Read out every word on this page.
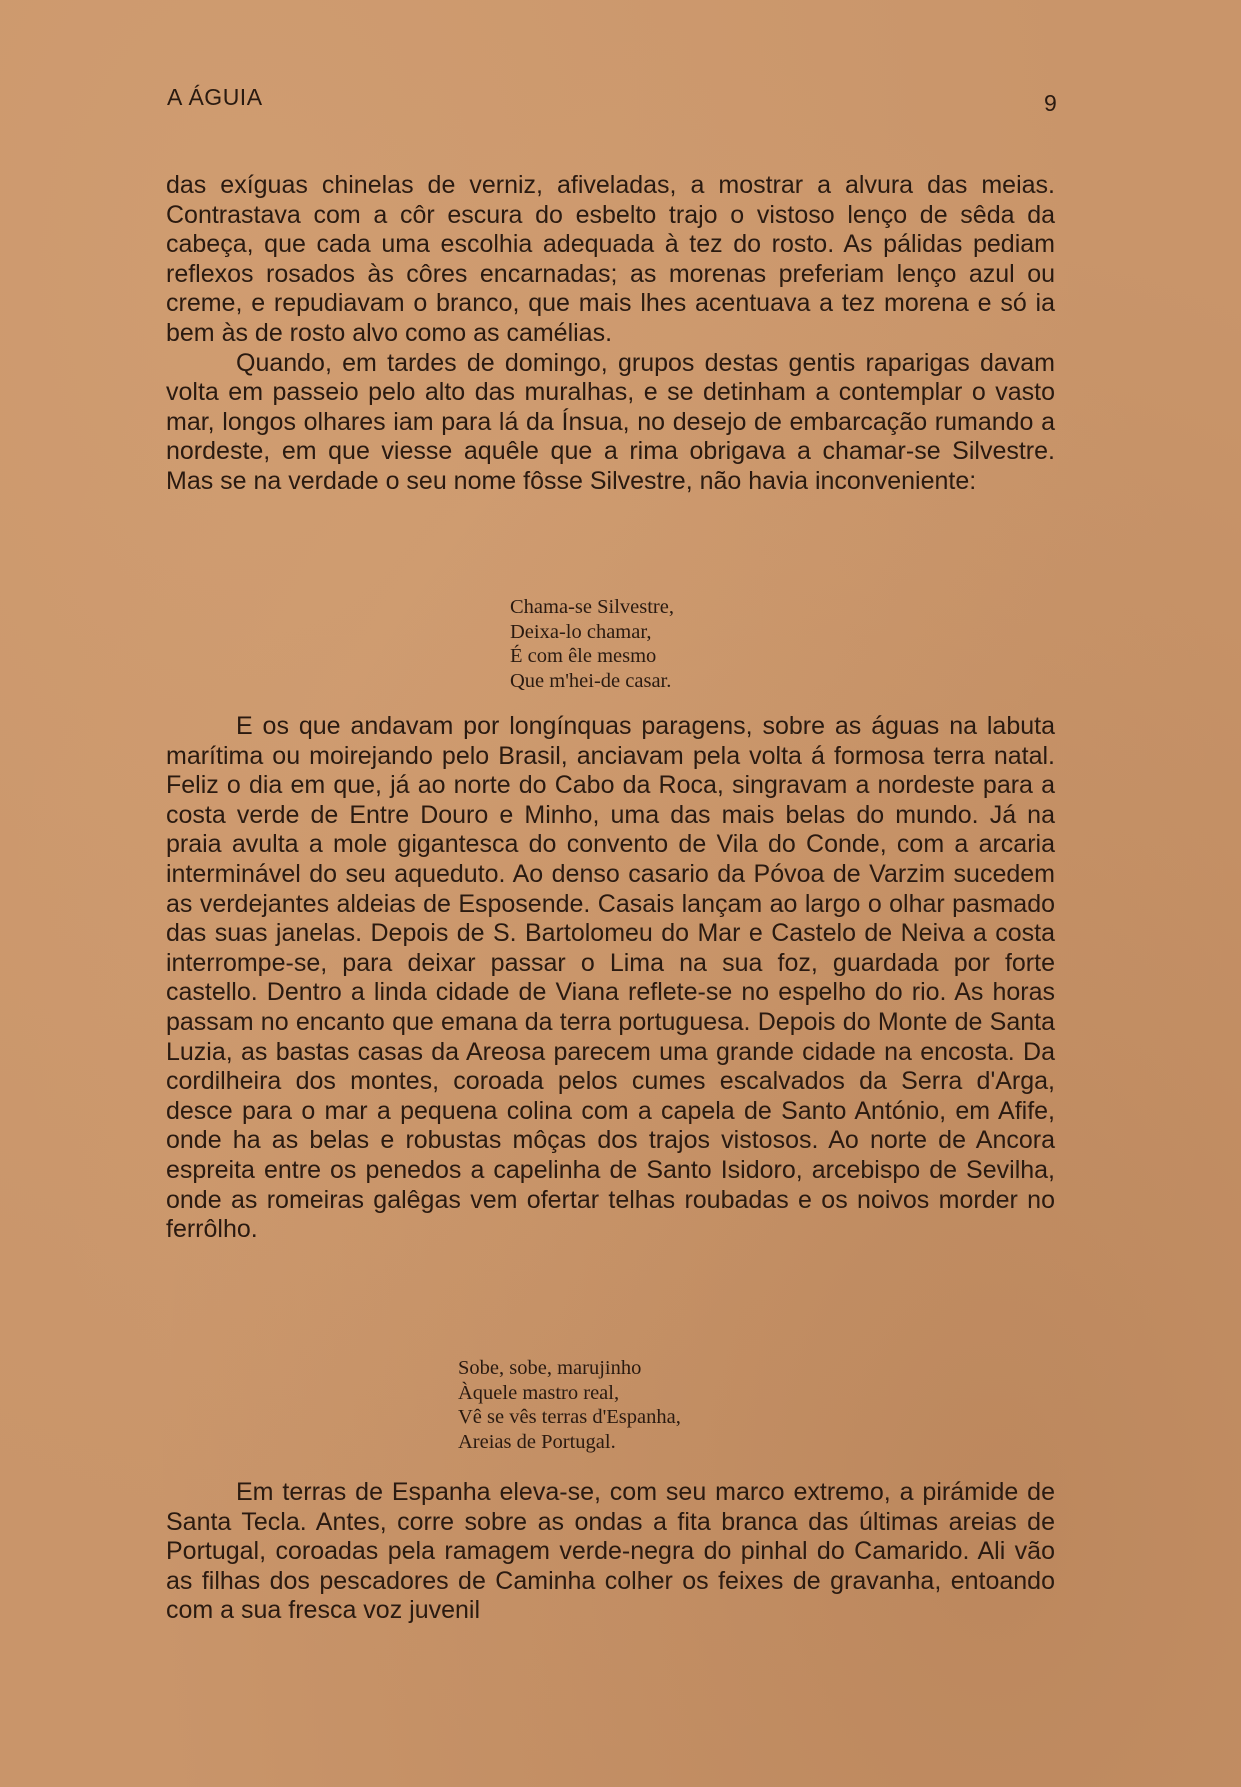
A ÁGUIA	9

das exíguas chinelas de verniz, afiveladas, a mostrar a alvura das meias. Contrastava com a côr escura do esbelto trajo o vistoso lenço de sêda da cabeça, que cada uma escolhia adequada à tez do rosto. As pálidas pediam reflexos rosados às côres encarnadas; as morenas preferiam lenço azul ou creme, e repudiavam o branco, que mais lhes acentuava a tez morena e só ia bem às de rosto alvo como as camélias.

Quando, em tardes de domingo, grupos destas gentis raparigas davam volta em passeio pelo alto das muralhas, e se detinham a contemplar o vasto mar, longos olhares iam para lá da Ínsua, no desejo de embarcação rumando a nordeste, em que viesse aquêle que a rima obrigava a chamar-se Silvestre. Mas se na verdade o seu nome fôsse Silvestre, não havia inconveniente:

Chama-se Silvestre,
Deixa-lo chamar,
É com êle mesmo
Que m'hei-de casar.

E os que andavam por longínquas paragens, sobre as águas na labuta marítima ou moirejando pelo Brasil, anciavam pela volta á formosa terra natal. Feliz o dia em que, já ao norte do Cabo da Roca, singravam a nordeste para a costa verde de Entre Douro e Minho, uma das mais belas do mundo. Já na praia avulta a mole gigantesca do convento de Vila do Conde, com a arcaria interminável do seu aqueduto. Ao denso casario da Póvoa de Varzim sucedem as verdejantes aldeias de Esposende. Casais lançam ao largo o olhar pasmado das suas janelas. Depois de S. Bartolomeu do Mar e Castelo de Neiva a costa interrompe-se, para deixar passar o Lima na sua foz, guardada por forte castello. Dentro a linda cidade de Viana reflete-se no espelho do rio. As horas passam no encanto que emana da terra portuguesa. Depois do Monte de Santa Luzia, as bastas casas da Areosa parecem uma grande cidade na encosta. Da cordilheira dos montes, coroada pelos cumes escalvados da Serra d'Arga, desce para o mar a pequena colina com a capela de Santo António, em Afife, onde ha as belas e robustas môças dos trajos vistosos. Ao norte de Ancora espreita entre os penedos a capelinha de Santo Isidoro, arcebispo de Sevilha, onde as romeiras galêgas vem ofertar telhas roubadas e os noivos morder no ferrôlho.

Sobe, sobe, marujinho
Àquele mastro real,
Vê se vês terras d'Espanha,
Areias de Portugal.

Em terras de Espanha eleva-se, com seu marco extremo, a pirámide de Santa Tecla. Antes, corre sobre as ondas a fita branca das últimas areias de Portugal, coroadas pela ramagem verde-negra do pinhal do Camarido. Ali vão as filhas dos pescadores de Caminha colher os feixes de gravanha, entoando com a sua fresca voz juvenil
